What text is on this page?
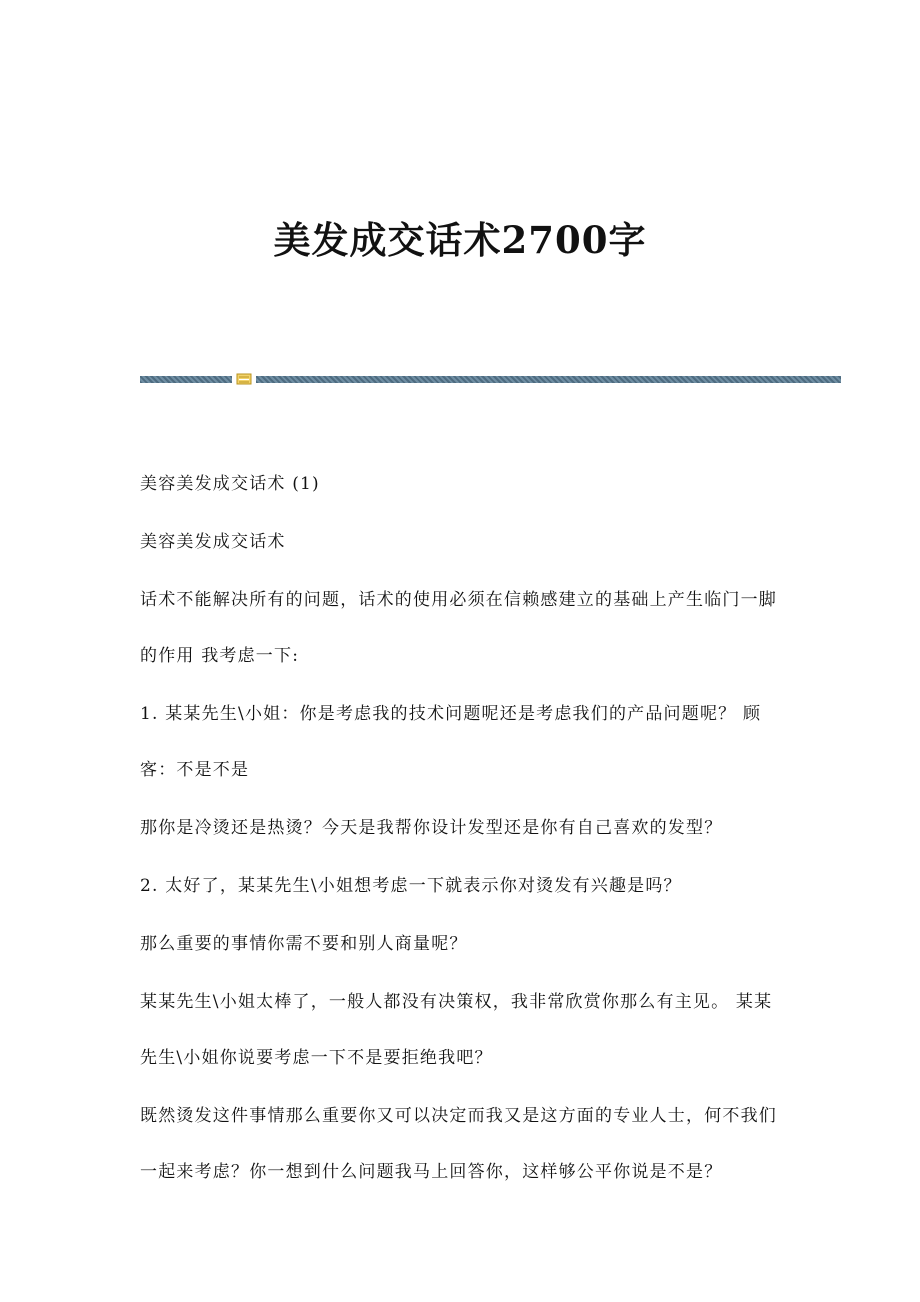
美发成交话术2700字

美容美发成交话术 (1)

美容美发成交话术

话术不能解决所有的问题，话术的使用必须在信赖感建立的基础上产生临门一脚的作用 我考虑一下:

1. 某某先生\小姐：你是考虑我的技术问题呢还是考虑我们的产品问题呢？ 顾客：不是不是

那你是冷烫还是热烫？今天是我帮你设计发型还是你有自己喜欢的发型？

2. 太好了，某某先生\小姐想考虑一下就表示你对烫发有兴趣是吗？

那么重要的事情你需不要和别人商量呢？

某某先生\小姐太棒了，一般人都没有决策权，我非常欣赏你那么有主见。 某某先生\小姐你说要考虑一下不是要拒绝我吧？

既然烫发这件事情那么重要你又可以决定而我又是这方面的专业人士，何不我们一起来考虑？你一想到什么问题我马上回答你，这样够公平你说是不是？
